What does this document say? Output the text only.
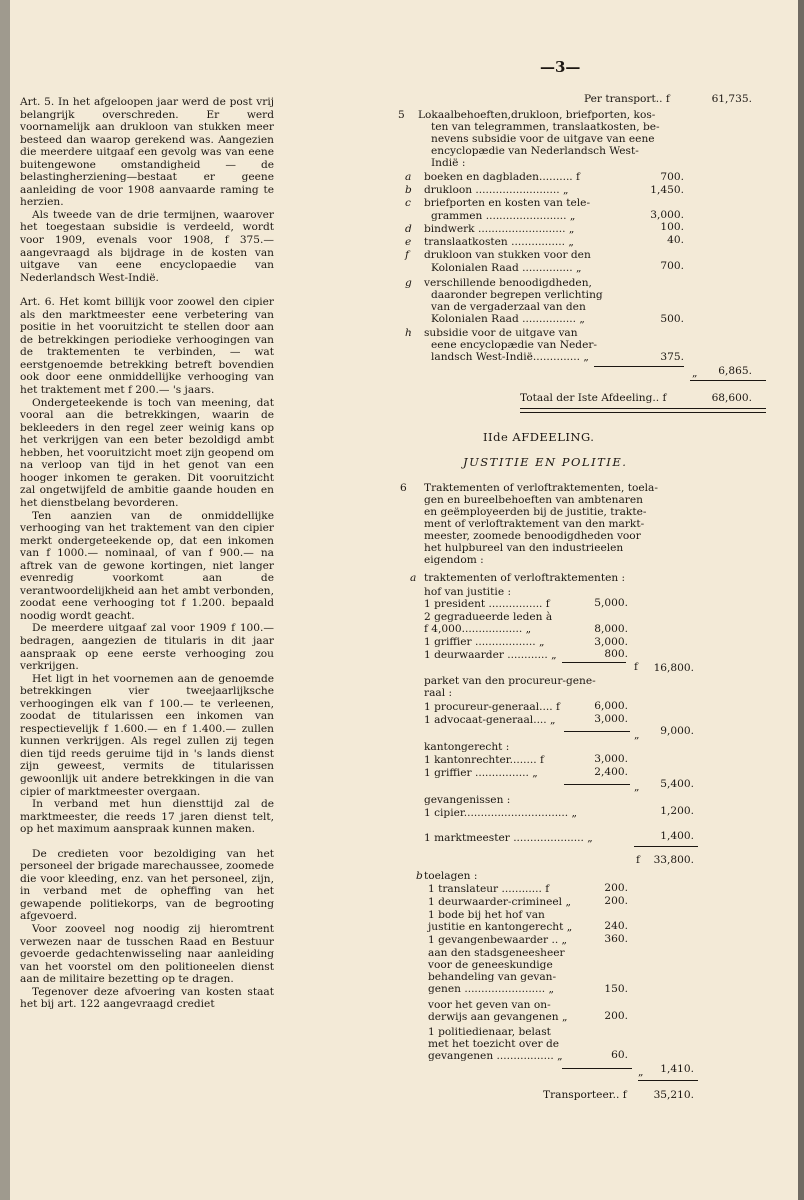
—3—

Art. 5. In het afgeloopen jaar werd de post vrij belangrijk overschreden. Er werd voornamelijk aan drukloon van stukken meer besteed dan waarop gerekend was. Aangezien die meerdere uitgaaf een gevolg was van eene buitengewone omstandigheid — de belastingherziening—bestaat er geene aanleiding de voor 1908 aanvaarde raming te herzien.

Als tweede van de drie termijnen, waarover het toegestaan subsidie is verdeeld, wordt voor 1909, evenals voor 1908, f 375.— aangevraagd als bijdrage in de kosten van uitgave van eene encyclopaedie van Nederlandsch West-Indië.

Art. 6. Het komt billijk voor zoowel den cipier als den marktmeester eene verbetering van positie in het vooruitzicht te stellen door aan de betrekkingen periodieke verhoogingen van de traktementen te verbinden, — wat eerstgenoemde betrekking betreft bovendien ook door eene onmiddellijke verhooging van het traktement met f 200.— 's jaars.

Ondergeteekende is toch van meening, dat vooral aan die betrekkingen, waarin de bekleeders in den regel zeer weinig kans op het verkrijgen van een beter bezoldigd ambt hebben, het vooruitzicht moet zijn geopend om na verloop van tijd in het genot van een hooger inkomen te geraken. Dit vooruitzicht zal ongetwijfeld de ambitie gaande houden en het dienstbelang bevorderen.

Ten aanzien van de onmiddellijke verhooging van het traktement van den cipier merkt ondergeteekende op, dat een inkomen van f 1000.— nominaal, of van f 900.— na aftrek van de gewone kortingen, niet langer evenredig voorkomt aan de verantwoordelijkheid aan het ambt verbonden, zoodat eene verhooging tot f 1.200. bepaald noodig wordt geacht.

De meerdere uitgaaf zal voor 1909 f 100.— bedragen, aangezien de titularis in dit jaar aanspraak op eene eerste verhooging zou verkrijgen.

Het ligt in het voornemen aan de genoemde betrekkingen vier tweejaarlijksche verhoogingen elk van f 100.— te verleenen, zoodat de titularissen een inkomen van respectievelijk f 1.600.— en f 1.400.— zullen kunnen verkrijgen. Als regel zullen zij tegen dien tijd reeds geruime tijd in 's lands dienst zijn geweest, vermits de titularissen gewoonlijk uit andere betrekkingen in die van cipier of marktmeester overgaan.

In verband met hun diensttijd zal de marktmeester, die reeds 17 jaren dienst telt, op het maximum aanspraak kunnen maken.

De credieten voor bezoldiging van het personeel der brigade marechaussee, zoomede die voor kleeding, enz. van het personeel, zijn, in verband met de opheffing van het gewapende politiekorps, van de begrooting afgevoerd.

Voor zooveel nog noodig zij hieromtrent verwezen naar de tusschen Raad en Bestuur gevoerde gedachtenwisseling naar aanleiding van het voorstel om den politioneelen dienst aan de militaire bezetting op te dragen.

Tegenover deze afvoering van kosten staat het bij art. 122 aangevraagd crediet

Per transport.. f	61,735.
5 Lokaalbehoeften,drukloon, briefporten, kos-
ten van telegrammen, translaatkosten, be-
nevens subsidie voor de uitgave van eene
encyclopædie van Nederlandsch West-
Indië :
a boeken en dagbladen.......... f	700.
b drukloon ......................... „	1,450.
c briefporten en kosten van tele-
grammen ........................ „	3,000.
d bindwerk .......................... „	100.
e translaatkosten ................ „	40.
f drukloon van stukken voor den
Kolonialen Raad ............... „	700.
g verschillende benoodigdheden,
daaronder begrepen verlichting
van de vergaderzaal van den
Kolonialen Raad ................ „	500.
h subsidie voor de uitgave van
eene encyclopædie van Neder-
landsch West-Indië.............. „	375.
„	6,865.
Totaal der Iste Afdeeling.. f	68,600.
IIde AFDEELING.
JUSTITIE EN POLITIE.
6 Traktementen of verloftraktementen, toela-
gen en bureelbehoeften van ambtenaren
en geëmployeerden bij de justitie, trakte-
ment of verloftraktement van den markt-
meester, zoomede benoodigdheden voor
het hulpbureel van den industrieelen
eigendom :
a traktementen of verloftraktementen :
hof van justitie :
1 president ................ f	5,000.
2 gegradueerde leden à
f 4,000.................. „	8,000.
1 griffier .................. „	3,000.
1 deurwaarder ............ „	800.
f	16,800.
parket van den procureur-gene-
raal :
1 procureur-generaal.... f	6,000.
1 advocaat-generaal.... „	3,000.
„	9,000.
kantongerecht :
1 kantonrechter........ f	3,000.
1 griffier ................ „	2,400.
„	5,400.
gevangenissen :
1 cipier............................... „	1,200.
1 marktmeester ..................... „	1,400.
f	33,800.
b toelagen :
1 translateur ............ f	200.
1 deurwaarder-crimineel „	200.
1 bode bij het hof van
justitie en kantongerecht „	240.
1 gevangenbewaarder .. „	360.
aan den stadsgeneesheer
voor de geneeskundige
behandeling van gevan-
genen ........................ „	150.
voor het geven van on-
derwijs aan gevangenen „	200.
1 politiedienaar, belast
met het toezicht over de
gevangenen ................. „	60.
„	1,410.
Transporteer.. f	35,210.
